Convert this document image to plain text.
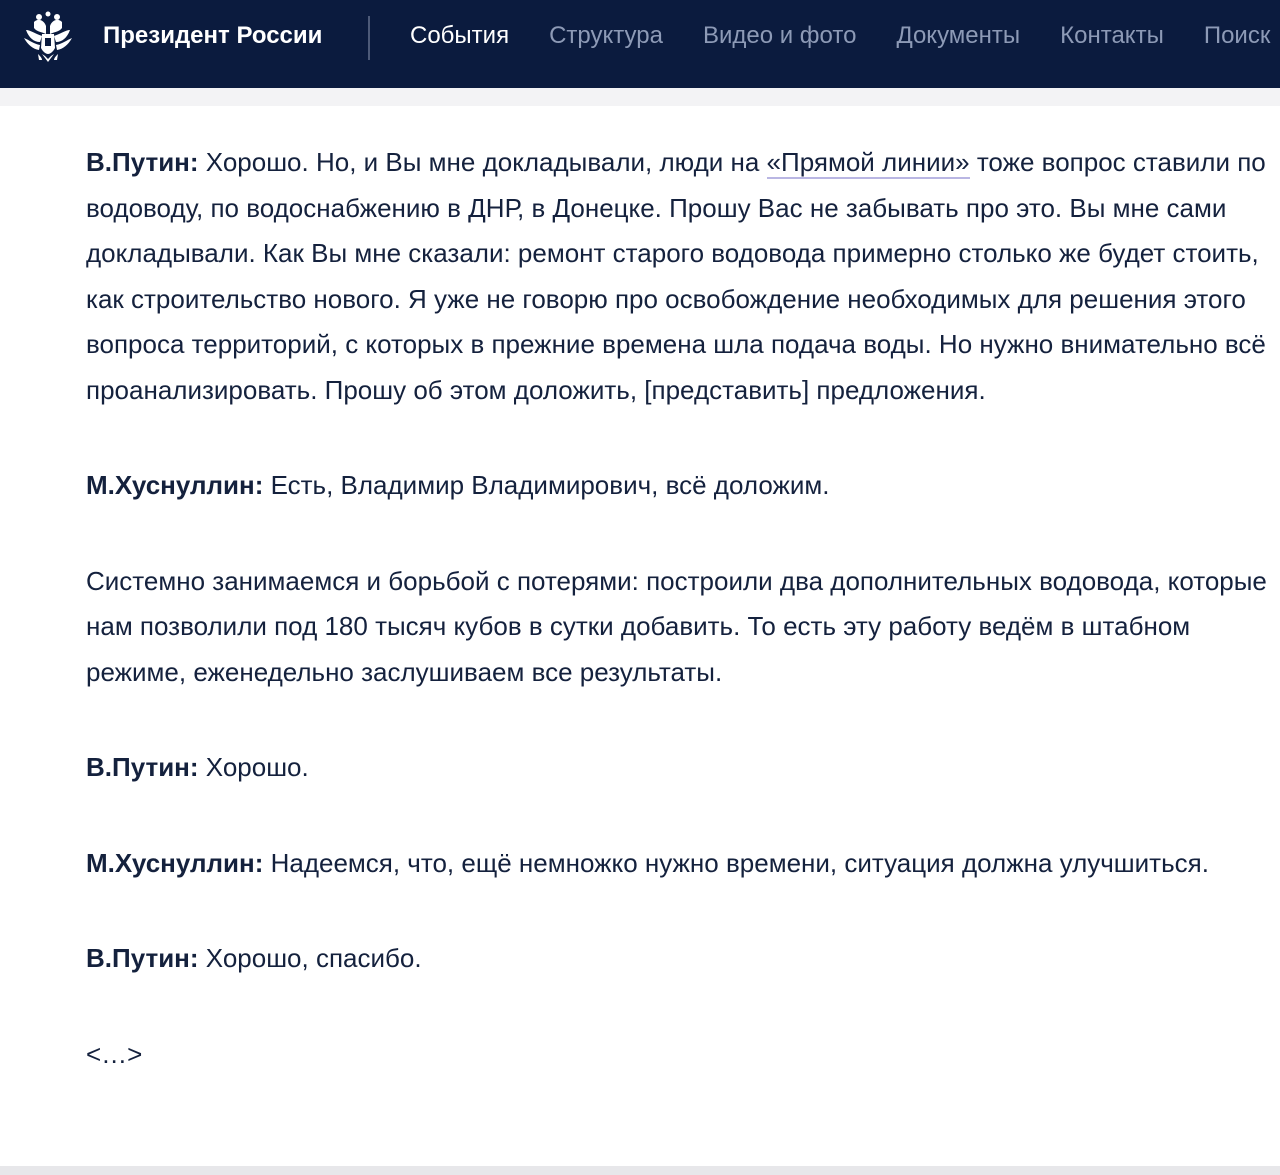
Президент России	События Структура Видео и фото Документы Контакты Поиск

В.Путин: Хорошо. Но, и Вы мне докладывали, люди на «Прямой линии» тоже вопрос ставили по водоводу, по водоснабжению в ДНР, в Донецке. Прошу Вас не забывать про это. Вы мне сами докладывали. Как Вы мне сказали: ремонт старого водовода примерно столько же будет стоить, как строительство нового. Я уже не говорю про освобождение необходимых для решения этого вопроса территорий, с которых в прежние времена шла подача воды. Но нужно внимательно всё проанализировать. Прошу об этом доложить, [представить] предложения.

М.Хуснуллин: Есть, Владимир Владимирович, всё доложим.

Системно занимаемся и борьбой с потерями: построили два дополнительных водовода, которые нам позволили под 180 тысяч кубов в сутки добавить. То есть эту работу ведём в штабном режиме, еженедельно заслушиваем все результаты.

В.Путин: Хорошо.

М.Хуснуллин: Надеемся, что, ещё немножко нужно времени, ситуация должна улучшиться.

В.Путин: Хорошо, спасибо.

<…>
